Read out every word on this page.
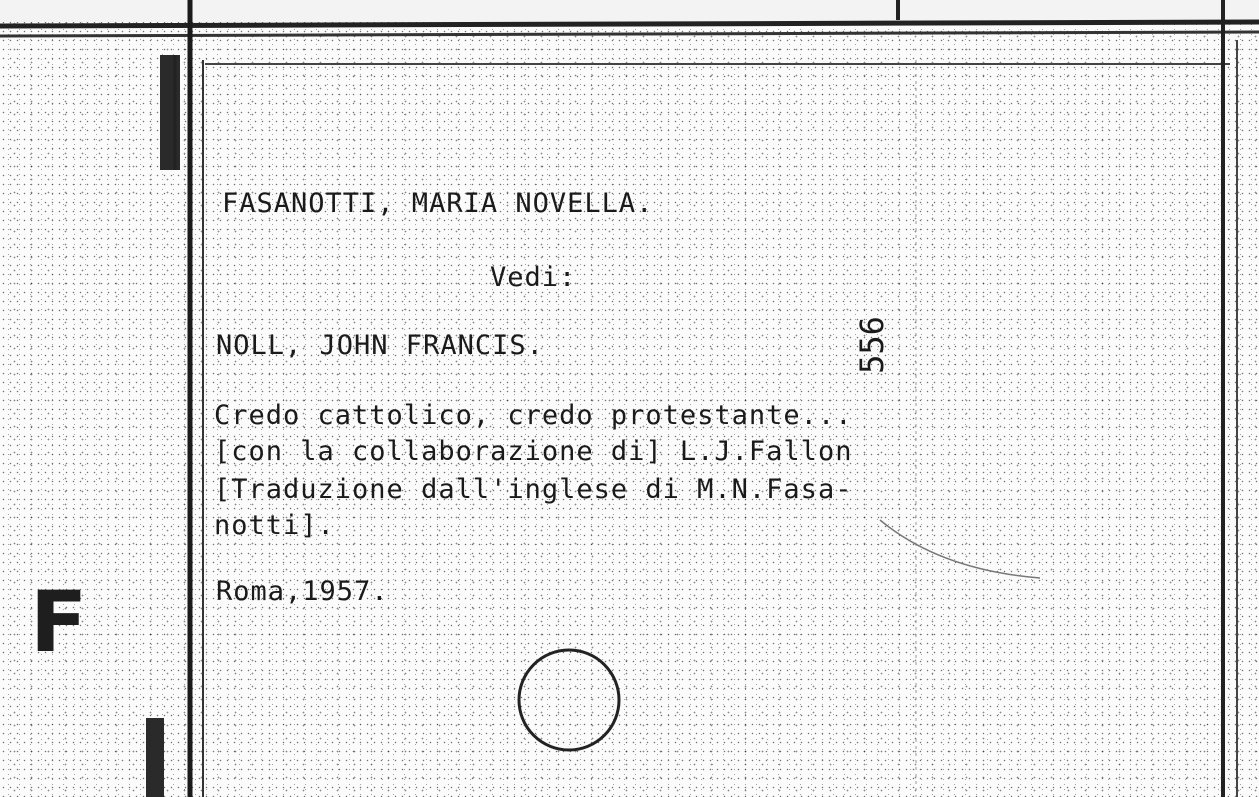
F
FASANOTTI, MARIA NOVELLA.
Vedi:
NOLL, JOHN FRANCIS.
Credo cattolico, credo protestante...
[con la collaborazione di] L.J.Fallon
[Traduzione dall'inglese di M.N.Fasa-
notti].
Roma,1957.
556
